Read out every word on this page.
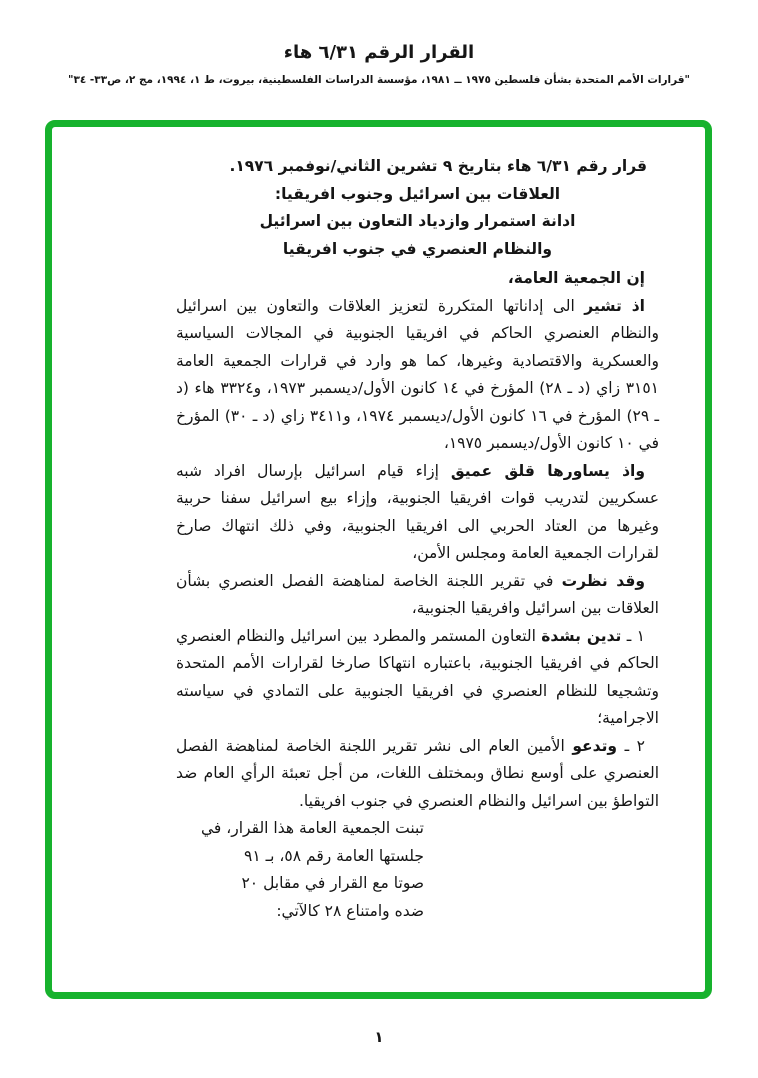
القرار الرقم ٦/٣١ هاء
"قرارات الأمم المتحدة بشأن فلسطين ١٩٧٥ ــ ١٩٨١، مؤسسة الدراسات الفلسطينية، بيروت، ط ١، ١٩٩٤، مج ٢، ص٣٣- ٣٤"
قرار رقم ٦/٣١ هاء بتاريخ ٩ تشرين الثاني/نوفمبر ١٩٧٦.
العلاقات بين اسرائيل وجنوب افريقيا:
ادانة استمرار وازدياد التعاون بين اسرائيل
والنظام العنصري في جنوب افريقيا
إن الجمعية العامة،

اذ تشير الى إداناتها المتكررة لتعزيز العلاقات والتعاون بين اسرائيل والنظام العنصري الحاكم في افريقيا الجنوبية في المجالات السياسية والعسكرية والاقتصادية وغيرها، كما هو وارد في قرارات الجمعية العامة ٣١٥١ زاي (د ـ ٢٨) المؤرخ في ١٤ كانون الأول/ديسمبر ١٩٧٣، و٣٣٢٤ هاء (د ـ ٢٩) المؤرخ في ١٦ كانون الأول/ديسمبر ١٩٧٤، و٣٤١١ زاي (د ـ ٣٠) المؤرخ في ١٠ كانون الأول/ديسمبر ١٩٧٥،

واذ يساورها قلق عميق إزاء قيام اسرائيل بإرسال افراد شبه عسكريين لتدريب قوات افريقيا الجنوبية، وإزاء بيع اسرائيل سفنا حربية وغيرها من العتاد الحربي الى افريقيا الجنوبية، وفي ذلك انتهاك صارخ لقرارات الجمعية العامة ومجلس الأمن،

وقد نظرت في تقرير اللجنة الخاصة لمناهضة الفصل العنصري بشأن العلاقات بين اسرائيل وافريقيا الجنوبية،

١ ـ تدين بشدة التعاون المستمر والمطرد بين اسرائيل والنظام العنصري الحاكم في افريقيا الجنوبية، باعتباره انتهاكا صارخا لقرارات الأمم المتحدة وتشجيعا للنظام العنصري في افريقيا الجنوبية على التمادي في سياسته الاجرامية؛

٢ ـ وتدعو الأمين العام الى نشر تقرير اللجنة الخاصة لمناهضة الفصل العنصري على أوسع نطاق وبمختلف اللغات، من أجل تعبئة الرأي العام ضد التواطؤ بين اسرائيل والنظام العنصري في جنوب افريقيا.

تبنت الجمعية العامة هذا القرار، في
جلستها العامة رقم ٥٨، بـ ٩١
صوتا مع القرار في مقابل ٢٠
ضده وامتناع ٢٨ كالآتي:
١
